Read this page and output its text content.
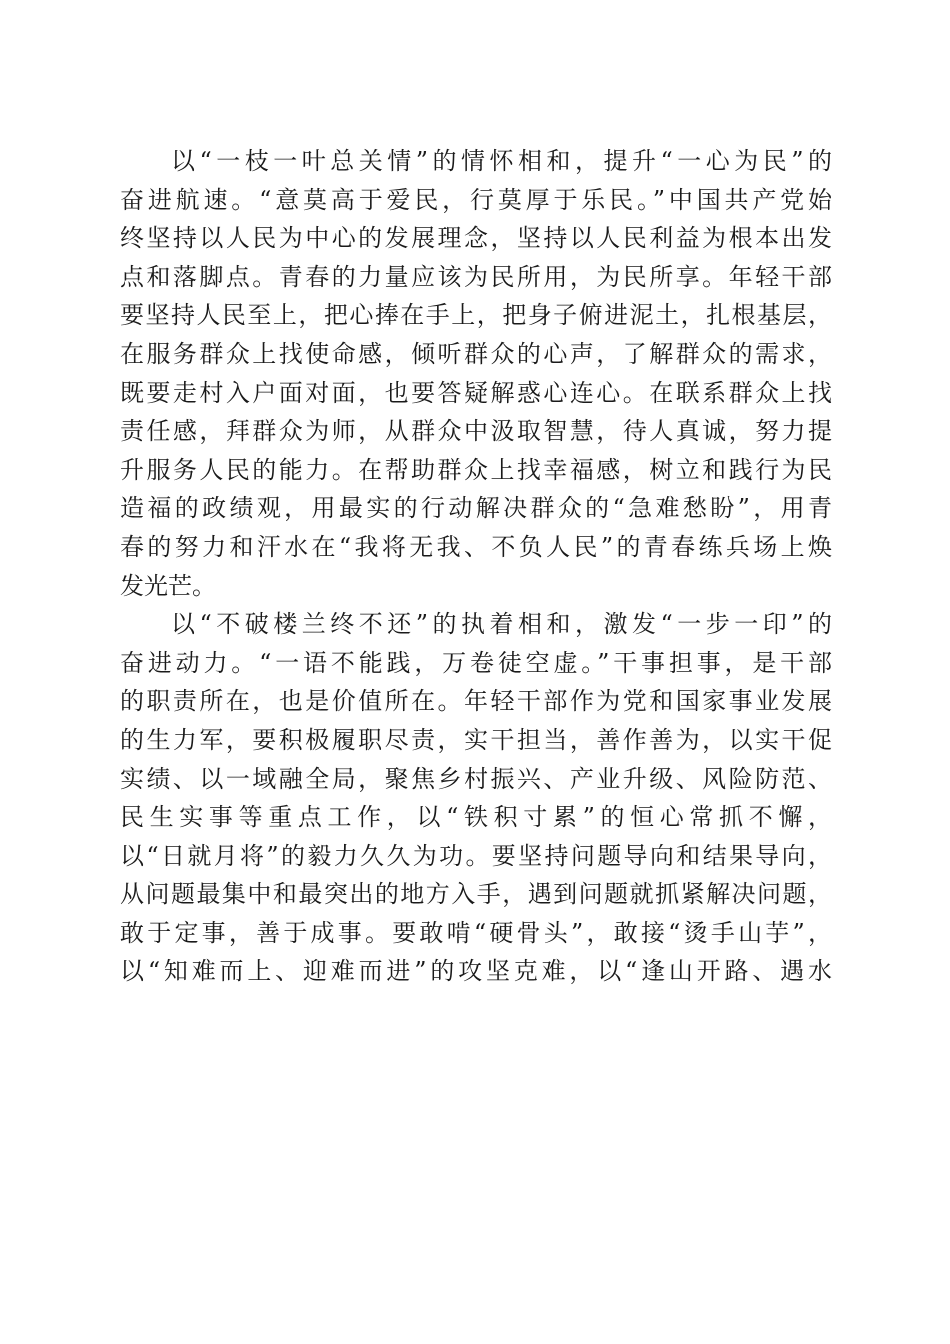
以“一枝一叶总关情”的情怀相和，提升“一心为民”的
奋进航速。“意莫高于爱民，行莫厚于乐民。”中国共产党始
终坚持以人民为中心的发展理念，坚持以人民利益为根本出发
点和落脚点。青春的力量应该为民所用，为民所享。年轻干部
要坚持人民至上，把心捧在手上，把身子俯进泥土，扎根基层，
在服务群众上找使命感，倾听群众的心声，了解群众的需求，
既要走村入户面对面，也要答疑解惑心连心。在联系群众上找
责任感，拜群众为师，从群众中汲取智慧，待人真诚，努力提
升服务人民的能力。在帮助群众上找幸福感，树立和践行为民
造福的政绩观，用最实的行动解决群众的“急难愁盼”，用青
春的努力和汗水在“我将无我、不负人民”的青春练兵场上焕
发光芒。
以“不破楼兰终不还”的执着相和，激发“一步一印”的
奋进动力。“一语不能践，万卷徒空虚。”干事担事，是干部
的职责所在，也是价值所在。年轻干部作为党和国家事业发展
的生力军，要积极履职尽责，实干担当，善作善为，以实干促
实绩、以一域融全局，聚焦乡村振兴、产业升级、风险防范、
民生实事等重点工作，以“铁积寸累”的恒心常抓不懈，
以“日就月将”的毅力久久为功。要坚持问题导向和结果导向，
从问题最集中和最突出的地方入手，遇到问题就抓紧解决问题，
敢于定事，善于成事。要敢啃“硬骨头”，敢接“烫手山芋”，
以“知难而上、迎难而进”的攻坚克难，以“逢山开路、遇水
